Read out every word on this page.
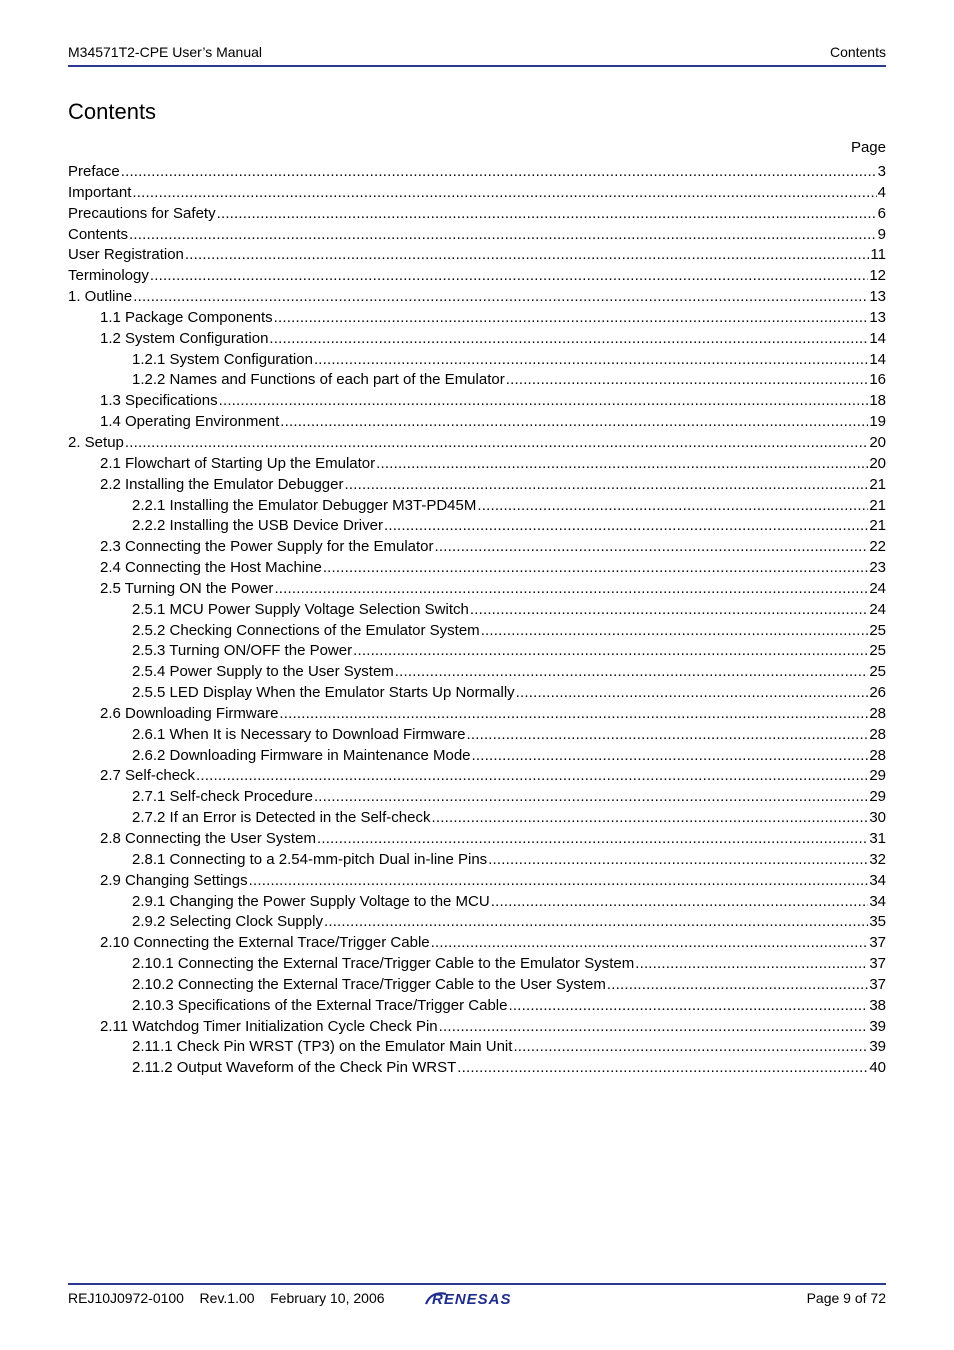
M34571T2-CPE User’s Manual	Contents
Contents
Page
Preface .....	3
Important .....	4
Precautions for Safety .....	6
Contents .....	9
User Registration .....	11
Terminology .....	12
1. Outline .....	13
1.1 Package Components .....	13
1.2 System Configuration .....	14
1.2.1 System Configuration .....	14
1.2.2 Names and Functions of each part of the Emulator .....	16
1.3 Specifications .....	18
1.4 Operating Environment .....	19
2. Setup .....	20
2.1 Flowchart of Starting Up the Emulator .....	20
2.2 Installing the Emulator Debugger .....	21
2.2.1 Installing the Emulator Debugger M3T-PD45M .....	21
2.2.2 Installing the USB Device Driver .....	21
2.3 Connecting the Power Supply for the Emulator .....	22
2.4 Connecting the Host Machine .....	23
2.5 Turning ON the Power .....	24
2.5.1 MCU Power Supply Voltage Selection Switch .....	24
2.5.2 Checking Connections of the Emulator System .....	25
2.5.3 Turning ON/OFF the Power .....	25
2.5.4 Power Supply to the User System .....	25
2.5.5 LED Display When the Emulator Starts Up Normally .....	26
2.6 Downloading Firmware .....	28
2.6.1 When It is Necessary to Download Firmware .....	28
2.6.2 Downloading Firmware in Maintenance Mode .....	28
2.7 Self-check .....	29
2.7.1 Self-check Procedure .....	29
2.7.2 If an Error is Detected in the Self-check .....	30
2.8 Connecting the User System .....	31
2.8.1 Connecting to a 2.54-mm-pitch Dual in-line Pins .....	32
2.9 Changing Settings .....	34
2.9.1 Changing the Power Supply Voltage to the MCU .....	34
2.9.2 Selecting Clock Supply .....	35
2.10 Connecting the External Trace/Trigger Cable .....	37
2.10.1 Connecting the External Trace/Trigger Cable to the Emulator System .....	37
2.10.2 Connecting the External Trace/Trigger Cable to the User System .....	37
2.10.3 Specifications of the External Trace/Trigger Cable .....	38
2.11 Watchdog Timer Initialization Cycle Check Pin .....	39
2.11.1 Check Pin WRST (TP3) on the Emulator Main Unit .....	39
2.11.2 Output Waveform of the Check Pin WRST .....	40
REJ10J0972-0100 Rev.1.00 February 10, 2006	RENESAS	Page 9 of 72
